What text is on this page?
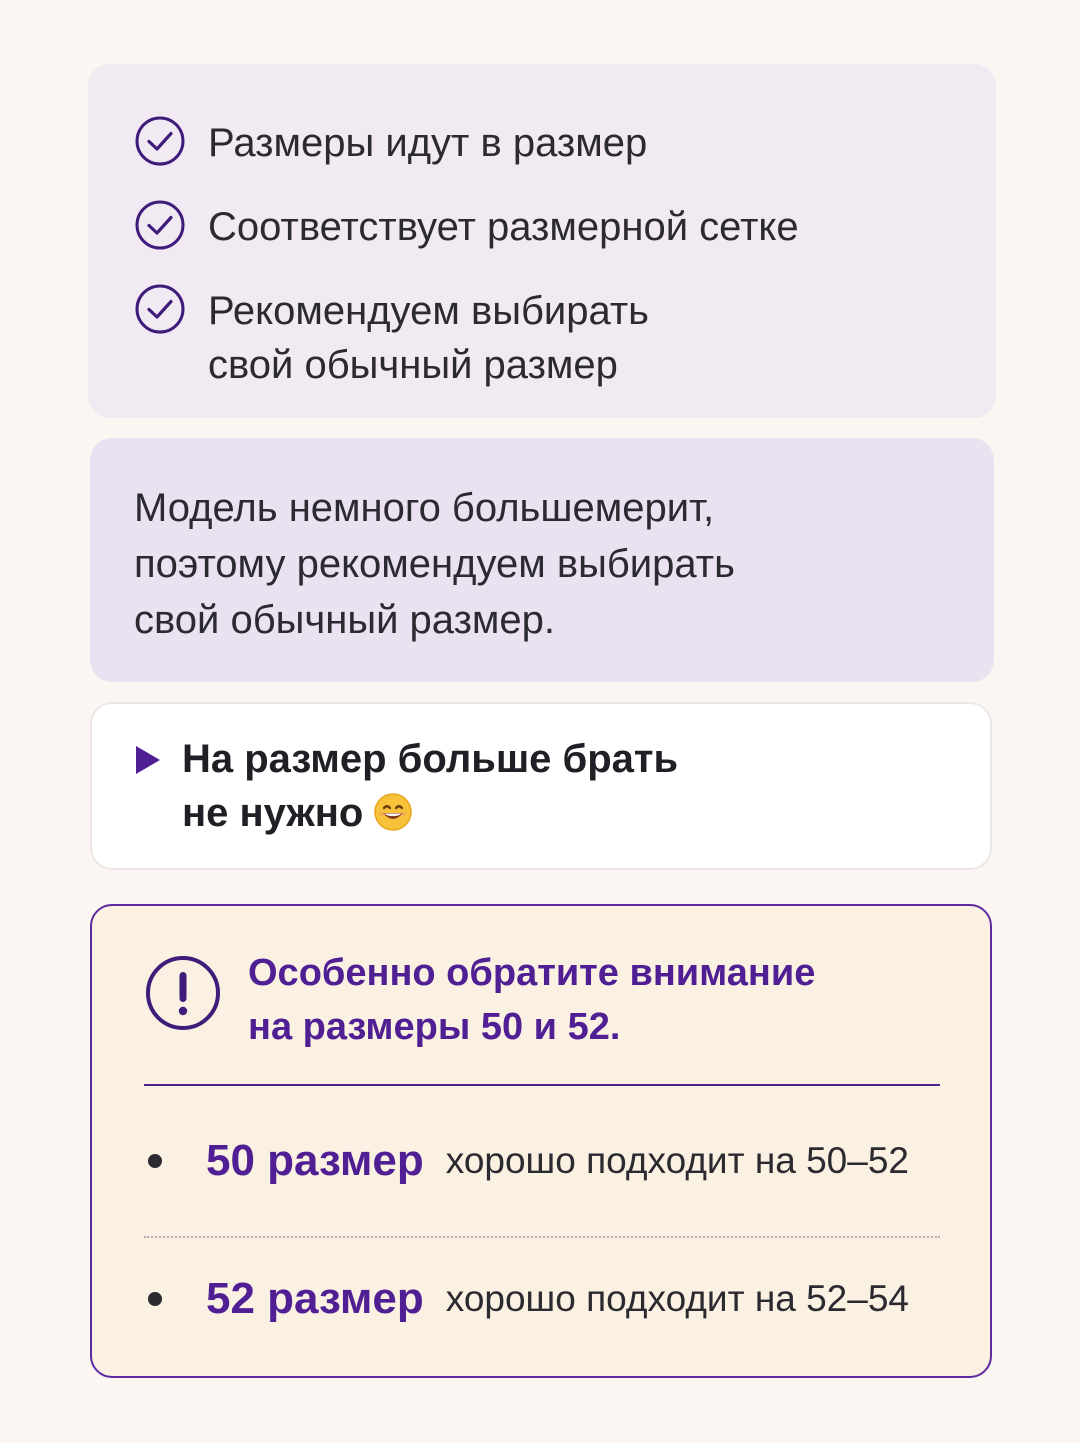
Размеры идут в размер
Соответствует размерной сетке
Рекомендуем выбирать
свой обычный размер
Модель немного большемерит,
поэтому рекомендуем выбирать
свой обычный размер.
На размер больше брать
не нужно
Особенно обратите внимание
на размеры 50 и 52.
50 размер хорошо подходит на 50–52
52 размер хорошо подходит на 52–54
